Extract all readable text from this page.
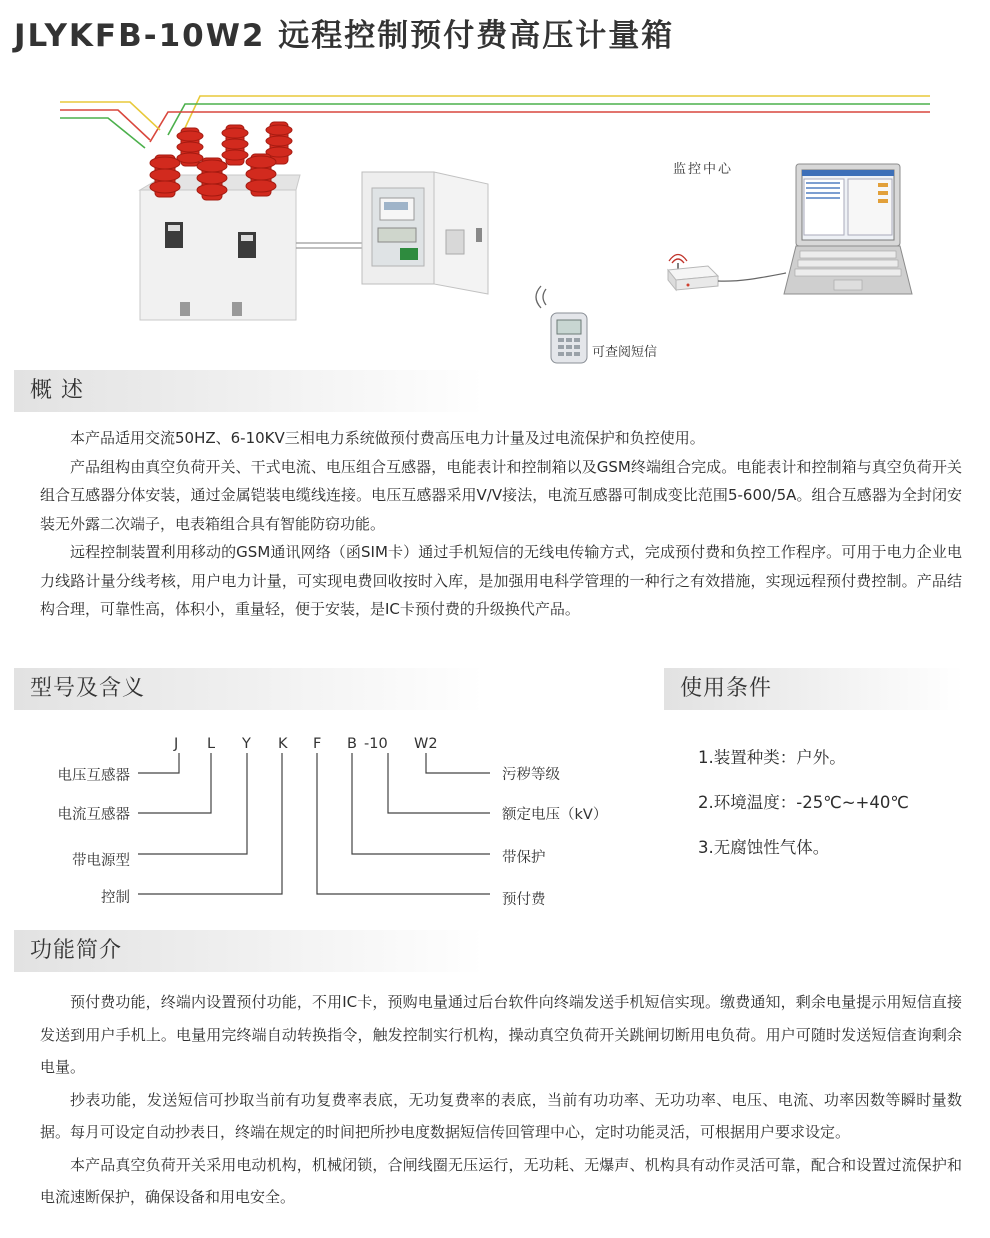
JLYKFB-10W2 远程控制预付费高压计量箱
可查阅短信
监控中心
概 述

本产品适用交流50HZ、6-10KV三相电力系统做预付费高压电力计量及过电流保护和负控使用。

产品组构由真空负荷开关、干式电流、电压组合互感器，电能表计和控制箱以及GSM终端组合完成。电能表计和控制箱与真空负荷开关组合互感器分体安装，通过金属铠装电缆线连接。电压互感器采用V/V接法，电流互感器可制成变比范围5-600/5A。组合互感器为全封闭安装无外露二次端子，电表箱组合具有智能防窃功能。

远程控制装置利用移动的GSM通讯网络（函SIM卡）通过手机短信的无线电传输方式，完成预付费和负控工作程序。可用于电力企业电力线路计量分线考核，用户电力计量，可实现电费回收按时入库，是加强用电科学管理的一种行之有效措施，实现远程预付费控制。产品结构合理，可靠性高，体积小，重量轻，便于安装，是IC卡预付费的升级换代产品。

型号及含义
J L Y K F B -10 W2
电压互感器
电流互感器
带电源型
控制
污秽等级
额定电压（kV）
带保护
预付费
使用条件
1.装置种类：户外。
2.环境温度：-25℃~+40℃
3.无腐蚀性气体。
功能简介

预付费功能，终端内设置预付功能，不用IC卡，预购电量通过后台软件向终端发送手机短信实现。缴费通知，剩余电量提示用短信直接发送到用户手机上。电量用完终端自动转换指令，触发控制实行机构，操动真空负荷开关跳闸切断用电负荷。用户可随时发送短信查询剩余电量。

抄表功能，发送短信可抄取当前有功复费率表底，无功复费率的表底，当前有功功率、无功功率、电压、电流、功率因数等瞬时量数据。每月可设定自动抄表日，终端在规定的时间把所抄电度数据短信传回管理中心，定时功能灵活，可根据用户要求设定。

本产品真空负荷开关采用电动机构，机械闭锁，合闸线圈无压运行，无功耗、无爆声、机构具有动作灵活可靠，配合和设置过流保护和电流速断保护，确保设备和用电安全。
